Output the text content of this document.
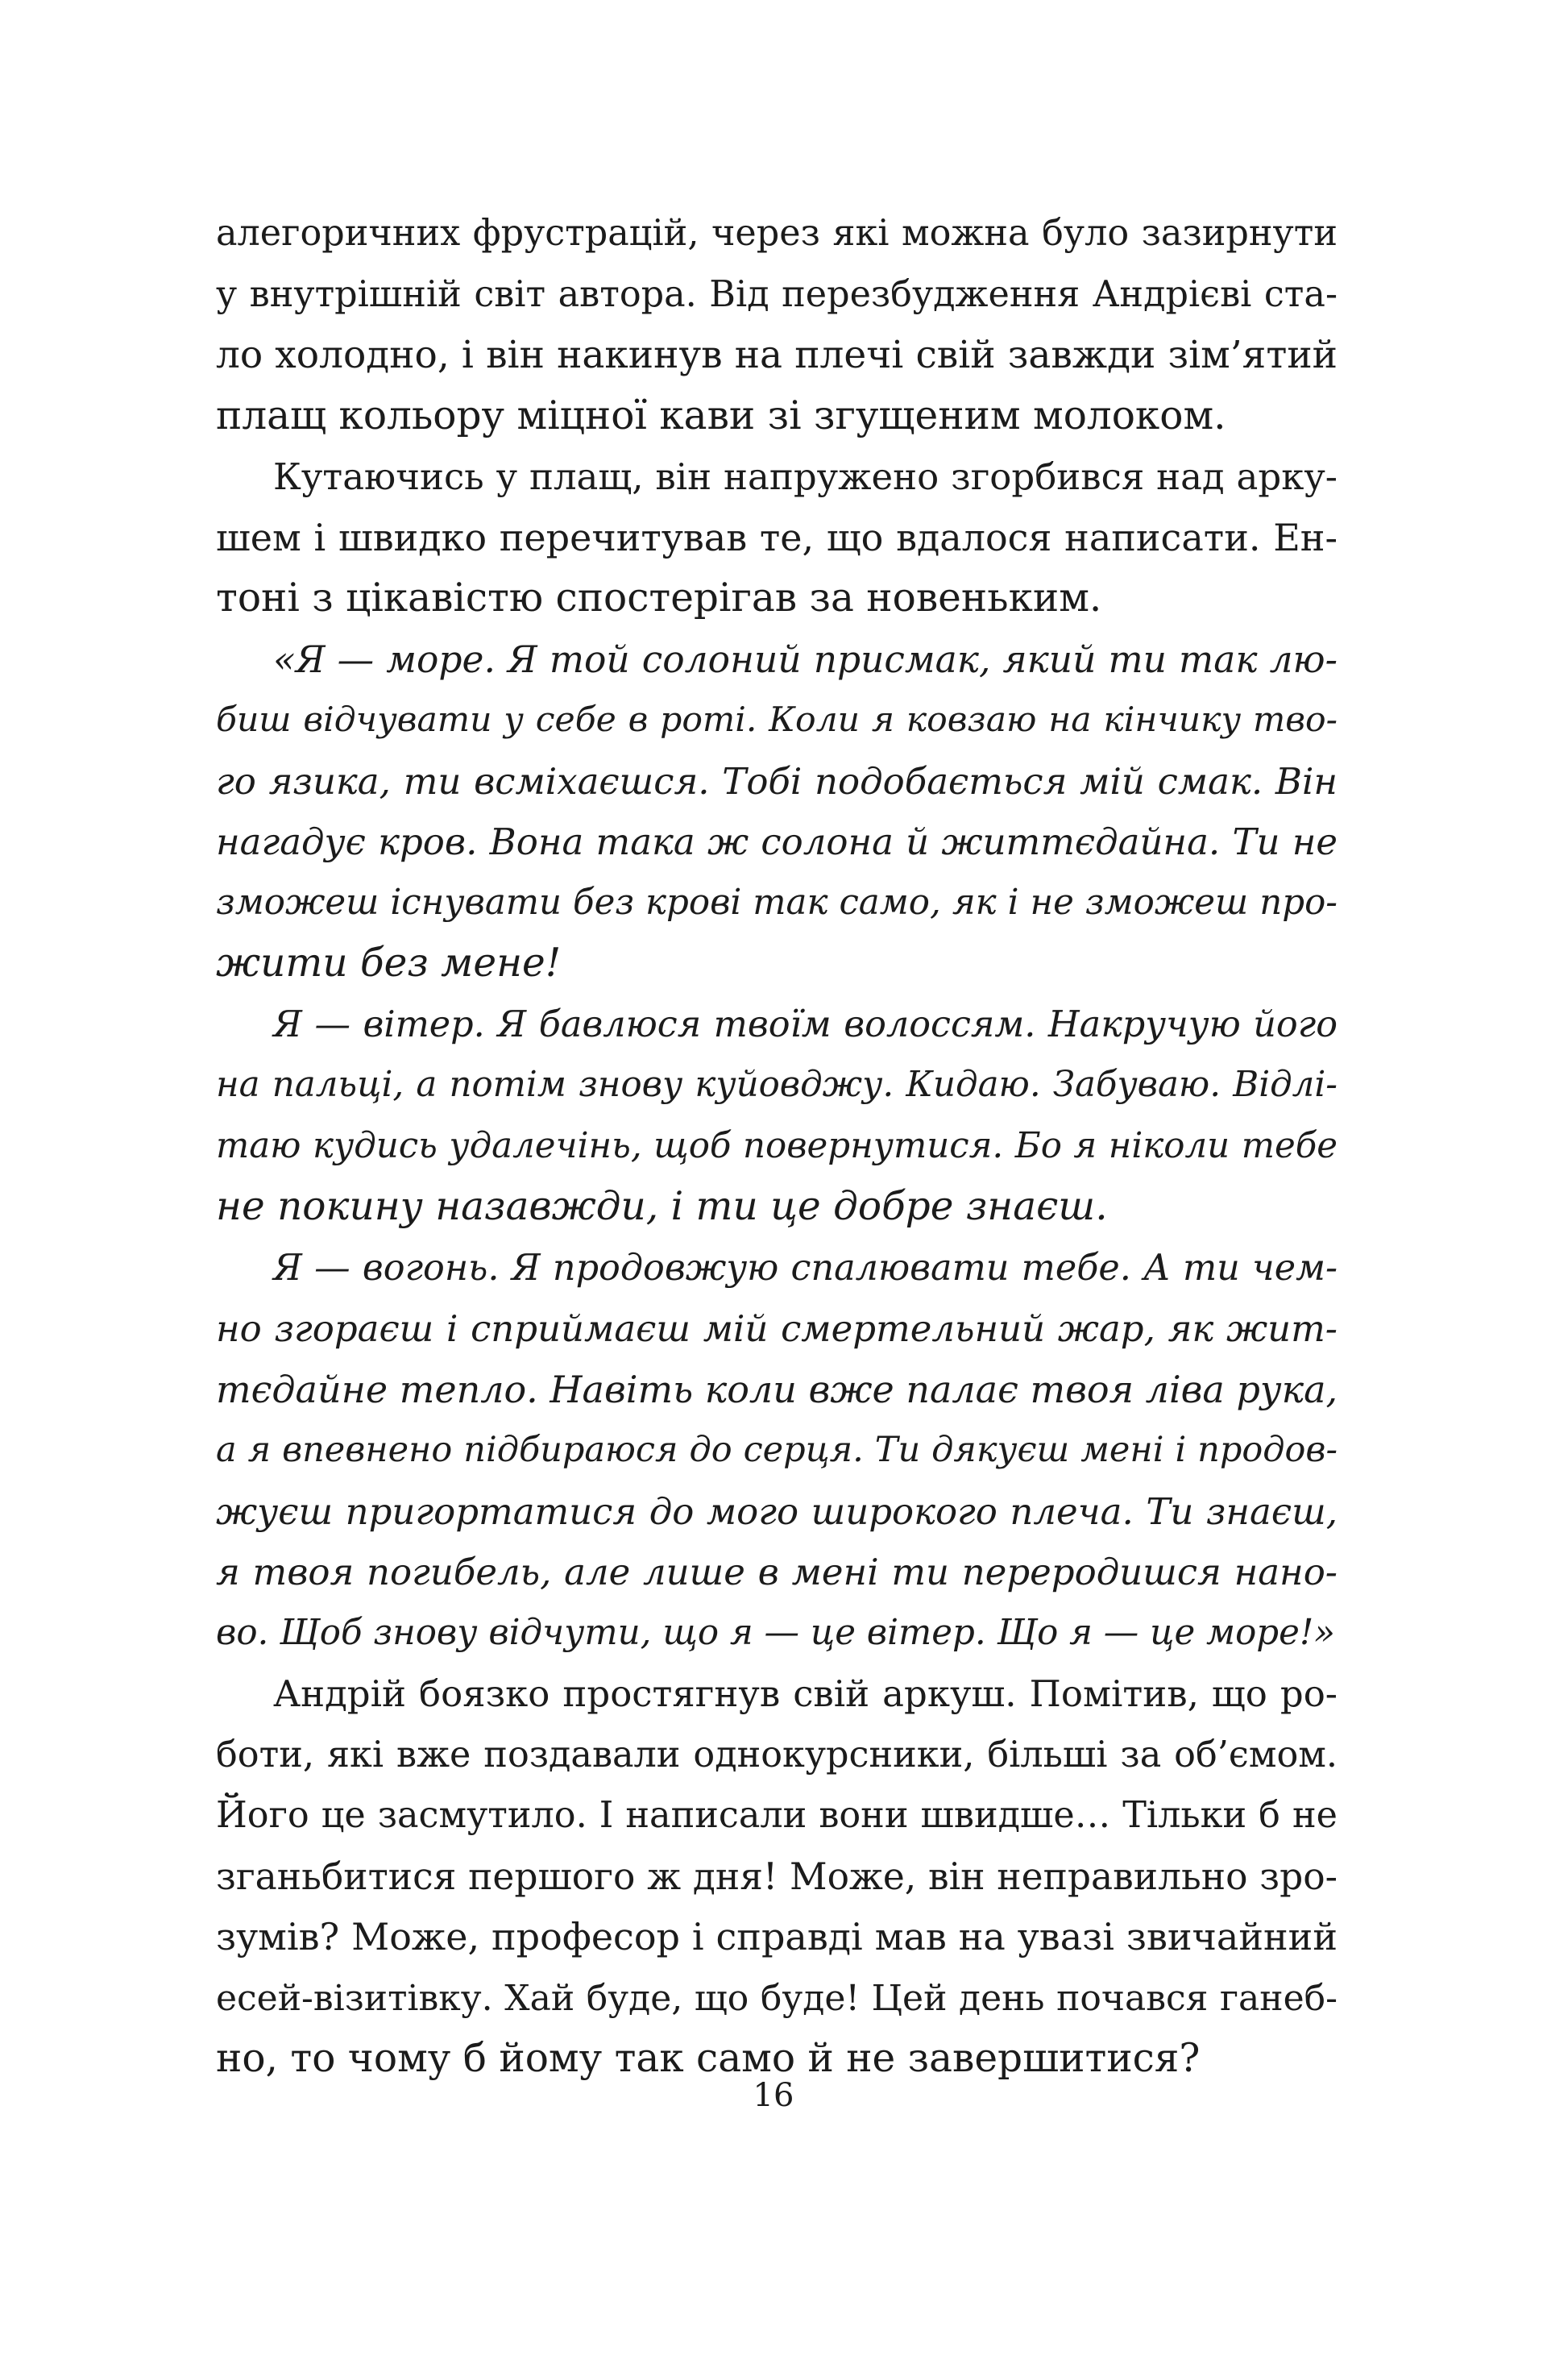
алегоричних фрустрацій, через які можна було зазирнути
у внутрішній світ автора. Від перезбудження Андрієві ста-
ло холодно, і він накинув на плечі свій завжди зім’ятий
плащ кольору міцної кави зі згущеним молоком.
Кутаючись у плащ, він напружено згорбився над арку-
шем і швидко перечитував те, що вдалося написати. Ен-
тоні з цікавістю спостерігав за новеньким.
«Я — море. Я той солоний присмак, який ти так лю-
биш відчувати у себе в роті. Коли я ковзаю на кінчику тво-
го язика, ти всміхаєшся. Тобі подобається мій смак. Він
нагадує кров. Вона така ж солона й життєдайна. Ти не
зможеш існувати без крові так само, як і не зможеш про-
жити без мене!
Я — вітер. Я бавлюся твоїм волоссям. Накручую його
на пальці, а потім знову куйовджу. Кидаю. Забуваю. Відлі-
таю кудись удалечінь, щоб повернутися. Бо я ніколи тебе
не покину назавжди, і ти це добре знаєш.
Я — вогонь. Я продовжую спалювати тебе. А ти чем-
но згораєш і сприймаєш мій смертельний жар, як жит-
тєдайне тепло. Навіть коли вже палає твоя ліва рука,
а я впевнено підбираюся до серця. Ти дякуєш мені і продов-
жуєш пригортатися до мого широкого плеча. Ти знаєш,
я твоя погибель, але лише в мені ти переродишся нано-
во. Щоб знову відчути, що я — це вітер. Що я — це море!»
Андрій боязко простягнув свій аркуш. Помітив, що ро-
боти, які вже поздавали однокурсники, більші за об’ємом.
Його це засмутило. І написали вони швидше… Тільки б не
зганьбитися першого ж дня! Може, він неправильно зро-
зумів? Може, професор і справді мав на увазі звичайний
есей-візитівку. Хай буде, що буде! Цей день почався ганеб-
но, то чому б йому так само й не завершитися?
16
